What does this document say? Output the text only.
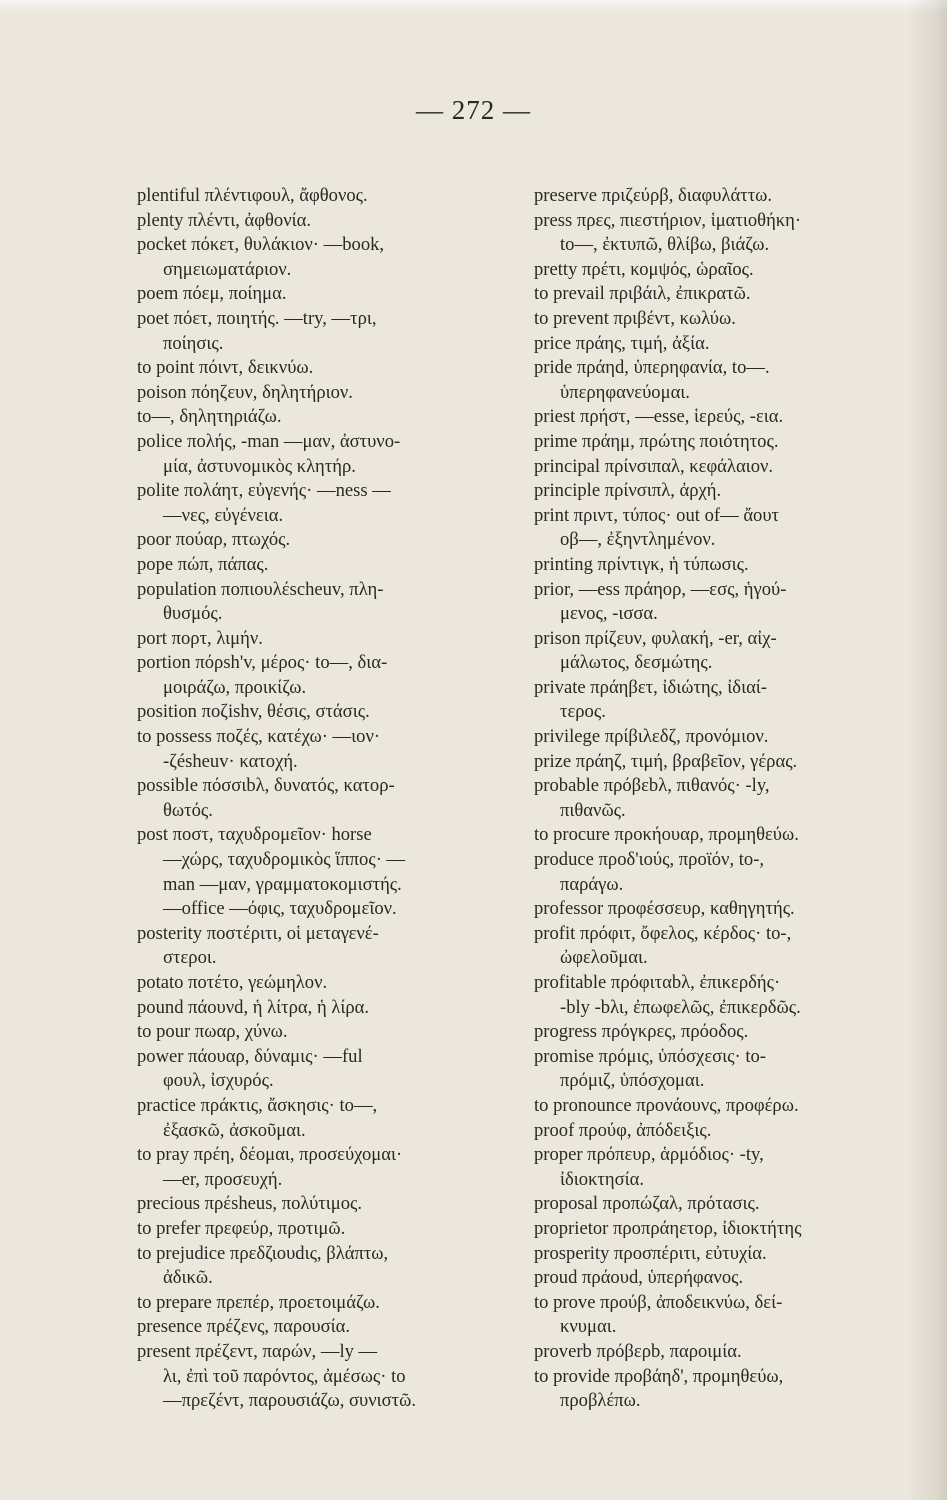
— 272 —
plentiful πλέντιφουλ, ἄφθονος.
plenty πλέντι, ἀφθονία.
pocket πόκετ, θυλάκιον· —book,
σημειωματάριον.
poem πόεμ, ποίημα.
poet πόετ, ποιητής. —try, —τρι,
ποίησις.
to point πόιντ, δεικνύω.
poison πόηζευν, δηλητήριον.
to—, δηλητηριάζω.
police πολής, -man —μαν, ἀστυνο-
μία, ἀστυνομικὸς κλητήρ.
polite πολάητ, εὐγενής· —ness —
—νες, εὐγένεια.
poor πούαρ, πτωχός.
pope πώπ, πάπας.
population ποπιουλέscheuv, πλη-
θυσμός.
port πορτ, λιμήν.
portion πόρsh'v, μέρος· to—, δια-
μοιράζω, προικίζω.
position ποζishv, θέσις, στάσις.
to possess ποζές, κατέχω· —ιον·
-ζésheuv· κατοχή.
possible πόσσιbλ, δυνατός, κατορ-
θωτός.
post ποστ, ταχυδρομεῖον· horse
—χώρς, ταχυδρομικὸς ἵππος· —
man —μαν, γραμματοκομιστής.
—office —όφις, ταχυδρομεῖον.
posterity ποστέριτι, οἱ μεταγενέ-
στεροι.
potato ποτέτο, γεώμηλον.
pound πάουνd, ἡ λίτρα, ἡ λίρα.
to pour πωαρ, χύνω.
power πάουαρ, δύναμις· —ful
φουλ, ἰσχυρός.
practice πράκτις, ἄσκησις· to—,
ἐξασκῶ, ἀσκοῦμαι.
to pray πρέη, δέομαι, προσεύχομαι·
—er, προσευχή.
precious πρέsheus, πολύτιμος.
to prefer πρεφεύρ, προτιμῶ.
to prejudice πρεδζιουdις, βλάπτω,
ἀδικῶ.
to prepare πρεπέρ, προετοιμάζω.
presence πρέζενς, παρουσία.
present πρέζεντ, παρών, —ly —
λι, ἐπὶ τοῦ παρόντος, ἀμέσως· to
—πρεζέντ, παρουσιάζω, συνιστῶ.
preserve πριζεύρβ, διαφυλάττω.
press πρες, πιεστήριον, ἱματιοθήκη·
to—, ἐκτυπῶ, θλίβω, βιάζω.
pretty πρέτι, κομψός, ὡραῖος.
to prevail πριβάιλ, ἐπικρατῶ.
to prevent πριβέντ, κωλύω.
price πράης, τιμή, ἀξία.
pride πράηd, ὑπερηφανία, to—.
ὑπερηφανεύομαι.
priest πρήστ, —esse, ἱερεύς, -εια.
prime πράημ, πρώτης ποιότητος.
principal πρίνσιπαλ, κεφάλαιον.
principle πρίνσιπλ, ἀρχή.
print πριντ, τύπος· out of— ἄουτ
οβ—, ἐξηντλημένον.
printing πρίντιγκ, ἡ τύπωσις.
prior, —ess πράηορ, —εσς, ἡγού-
μενος, -ισσα.
prison πρίζευν, φυλακή, -er, αἰχ-
μάλωτος, δεσμώτης.
private πράηβετ, ἰδιώτης, ἰδιαί-
τερος.
privilege πρίβιλεδζ, προνόμιον.
prize πράηζ, τιμή, βραβεῖον, γέρας.
probable πρόβεbλ, πιθανός· -ly,
πιθανῶς.
to procure προκήουαρ, προμηθεύω.
produce προδ'ιούς, προϊόν, to-,
παράγω.
professor προφέσσευρ, καθηγητής.
profit πρόφιτ, ὄφελος, κέρδος· to-,
ὠφελοῦμαι.
profitable πρόφιταbλ, ἐπικερδής·
-bly -bλι, ἐπωφελῶς, ἐπικερδῶς.
progress πρόγκρες, πρόοδος.
promise πρόμις, ὑπόσχεσις· to-
πρόμιζ, ὑπόσχομαι.
to pronounce προνάουνς, προφέρω.
proof προύφ, ἀπόδειξις.
proper πρόπευρ, ἁρμόδιος· -ty,
ἰδιοκτησία.
proposal προπώζαλ, πρότασις.
proprietor προπράηετορ, ἰδιοκτήτης
prosperity προσπέριτι, εὐτυχία.
proud πράουd, ὑπερήφανος.
to prove προύβ, ἀποδεικνύω, δεί-
κνυμαι.
proverb πρόβερb, παροιμία.
to provide προβάηδ', προμηθεύω,
προβλέπω.
